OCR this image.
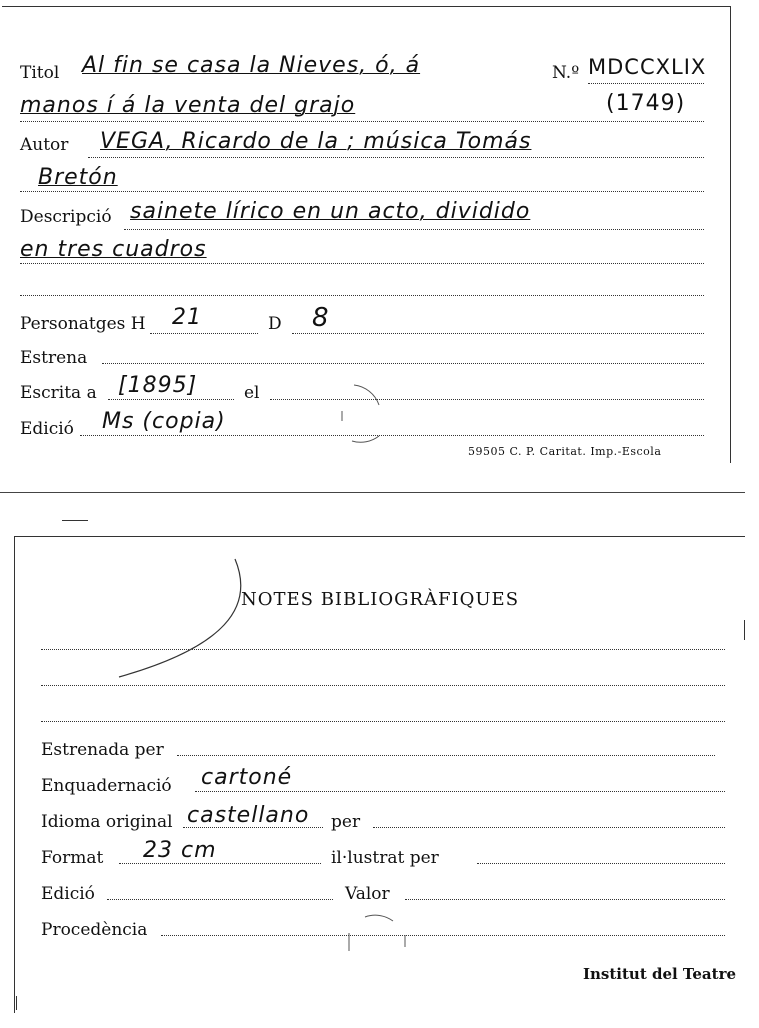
Titol Al fin se casa la Nieves, ó, á	N.º MDCCXLIX
manos í á la venta del grajo	(1749)
Autor VEGA, Ricardo de la ; música Tomás
Bretón
Descripció sainete lírico en un acto, dividido
en tres cuadros
Personatges H 21	D 8
Estrena
Escrita a [1895]	el
Edició Ms (copia)
59505 C. P. Caritat. Imp.-Escola
NOTES BIBLIOGRÀFIQUES
Estrenada per
Enquadernació cartoné
Idioma original castellano per
Format 23 cm	il·lustrat per
Edició	Valor
Procedència
Institut del Teatre
